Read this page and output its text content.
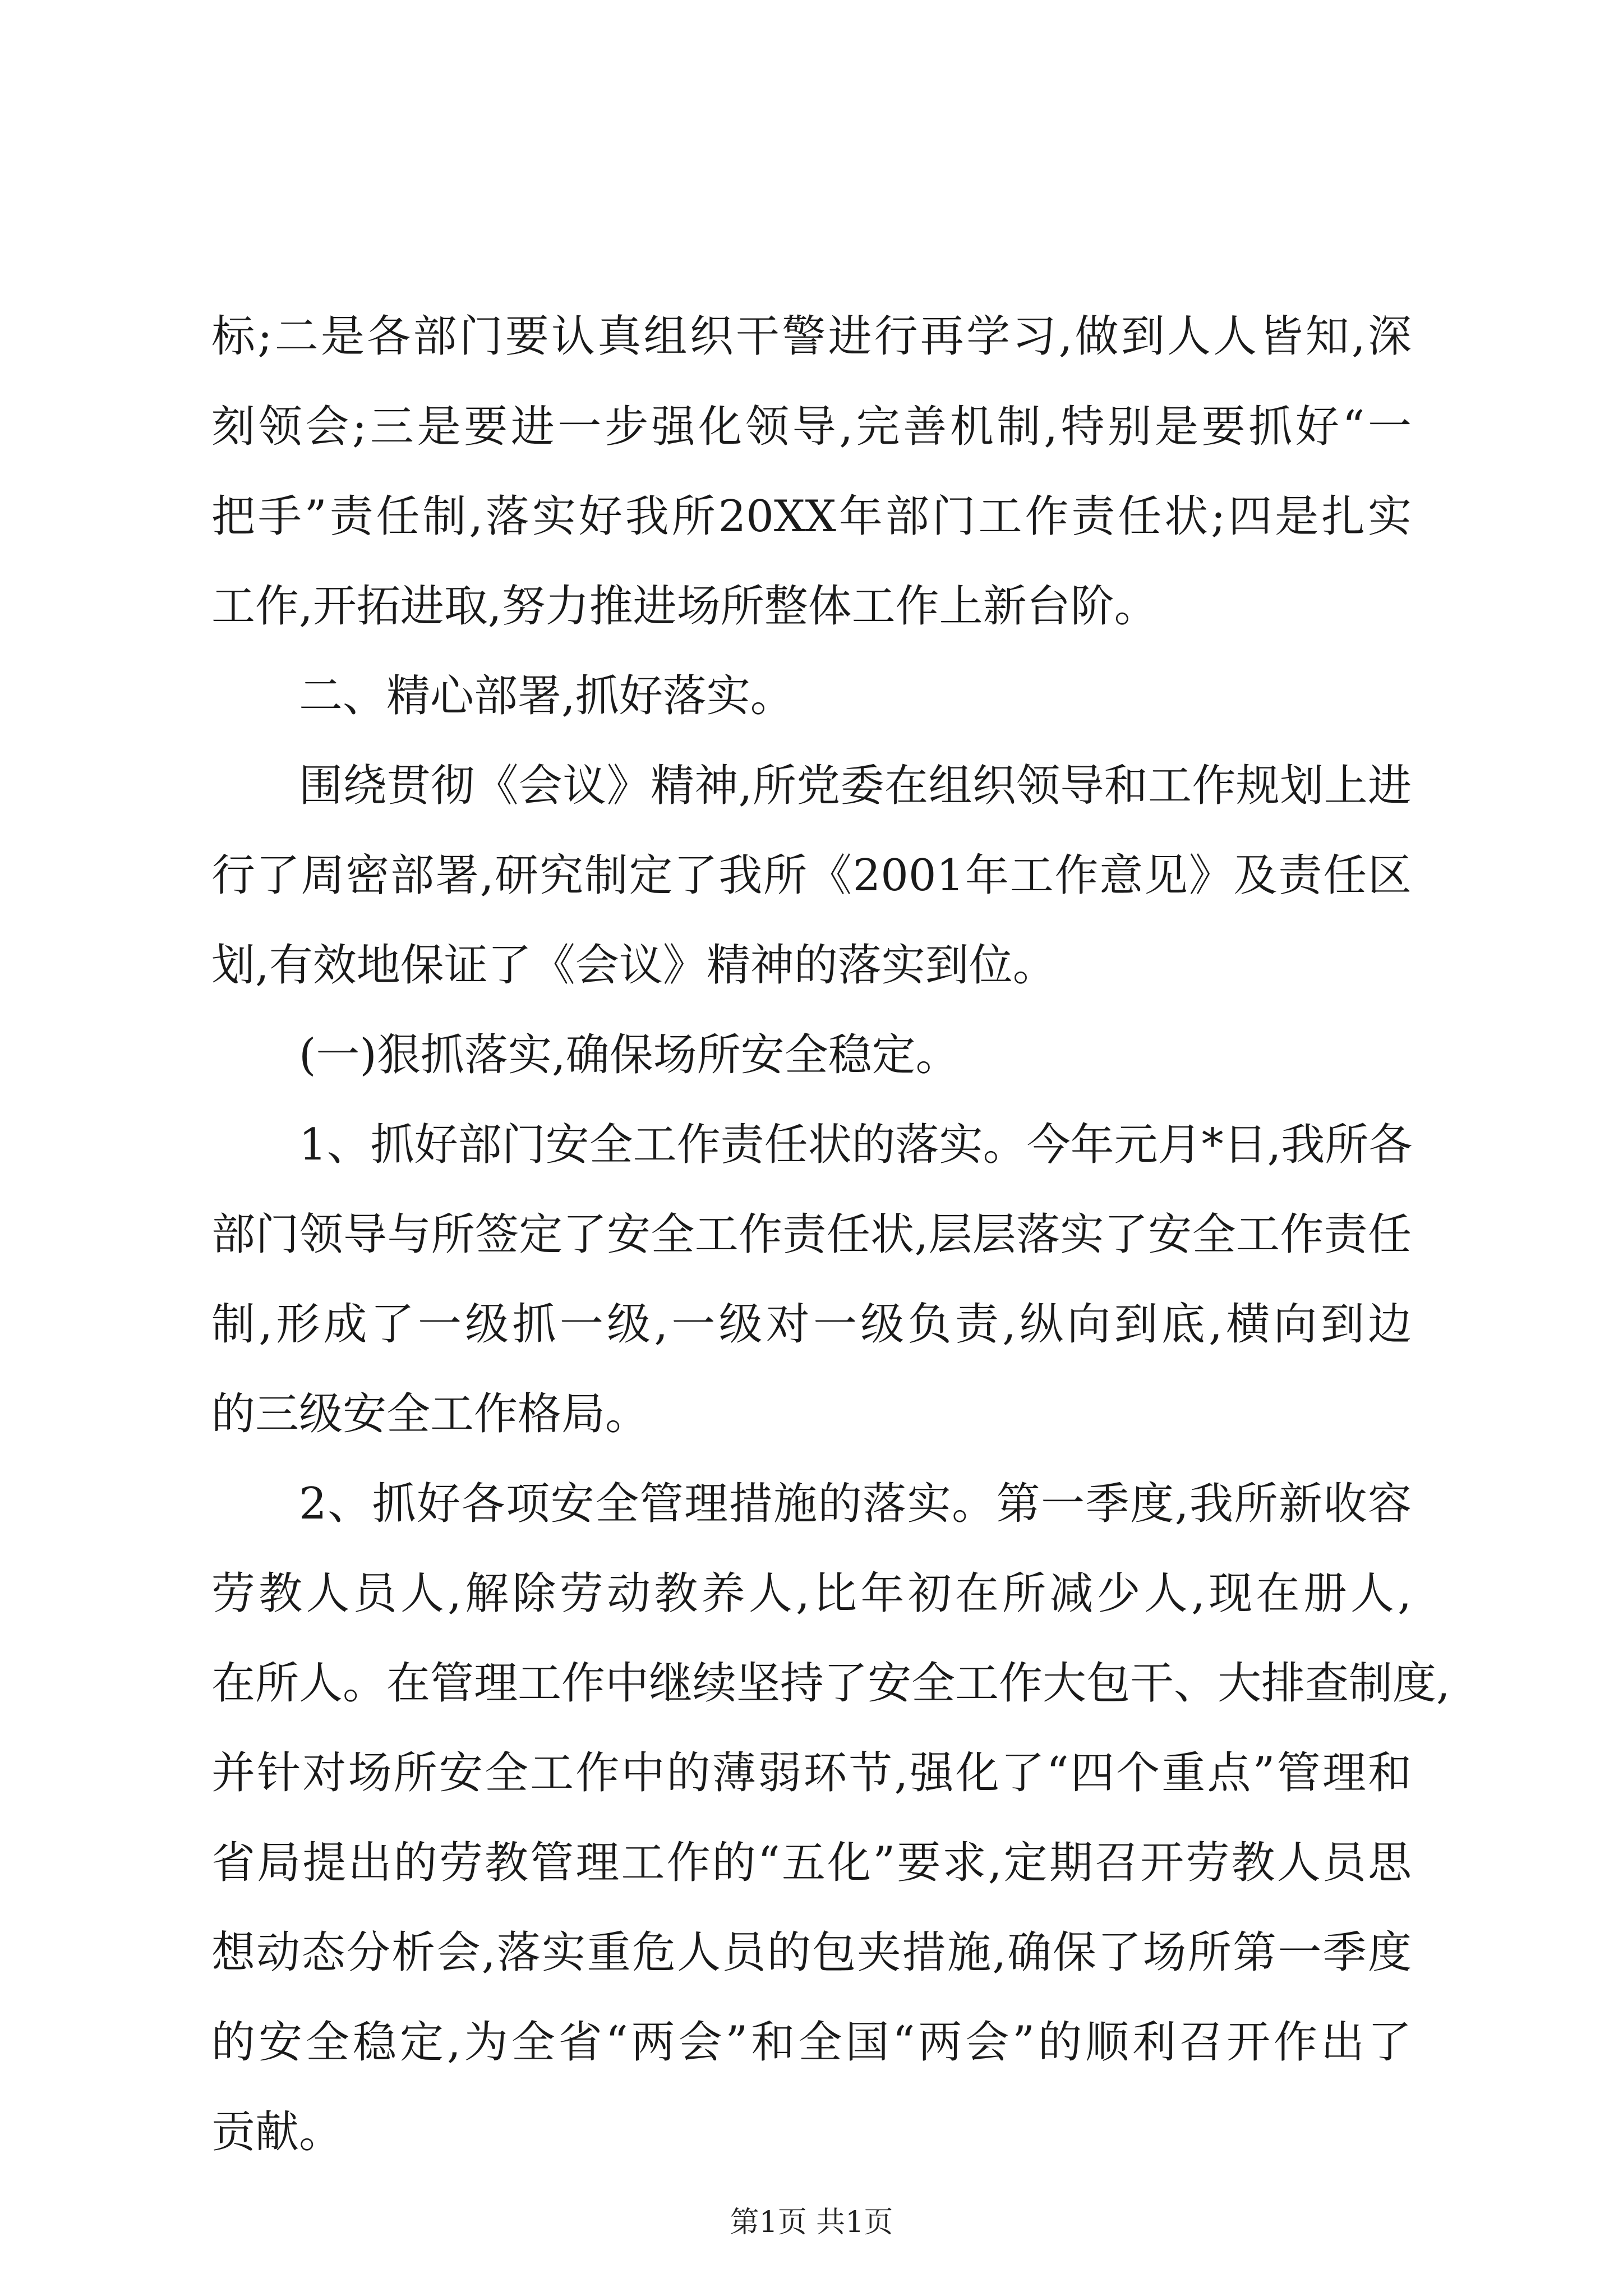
标;二是各部门要认真组织干警进行再学习,做到人人皆知,深

刻领会;三是要进一步强化领导,完善机制,特别是要抓好“一

把手”责任制,落实好我所20XX年部门工作责任状;四是扎实

工作,开拓进取,努力推进场所整体工作上新台阶。

二、精心部署,抓好落实。

围绕贯彻《会议》精神,所党委在组织领导和工作规划上进

行了周密部署,研究制定了我所《2001年工作意见》及责任区

划,有效地保证了《会议》精神的落实到位。

(一)狠抓落实,确保场所安全稳定。

1、抓好部门安全工作责任状的落实。今年元月*日,我所各

部门领导与所签定了安全工作责任状,层层落实了安全工作责任

制,形成了一级抓一级,一级对一级负责,纵向到底,横向到边

的三级安全工作格局。

2、抓好各项安全管理措施的落实。第一季度,我所新收容

劳教人员人,解除劳动教养人,比年初在所减少人,现在册人,

在所人。在管理工作中继续坚持了安全工作大包干、大排查制度,

并针对场所安全工作中的薄弱环节,强化了“四个重点”管理和

省局提出的劳教管理工作的“五化”要求,定期召开劳教人员思

想动态分析会,落实重危人员的包夹措施,确保了场所第一季度

的安全稳定,为全省“两会”和全国“两会”的顺利召开作出了

贡献。

第1页 共1页
